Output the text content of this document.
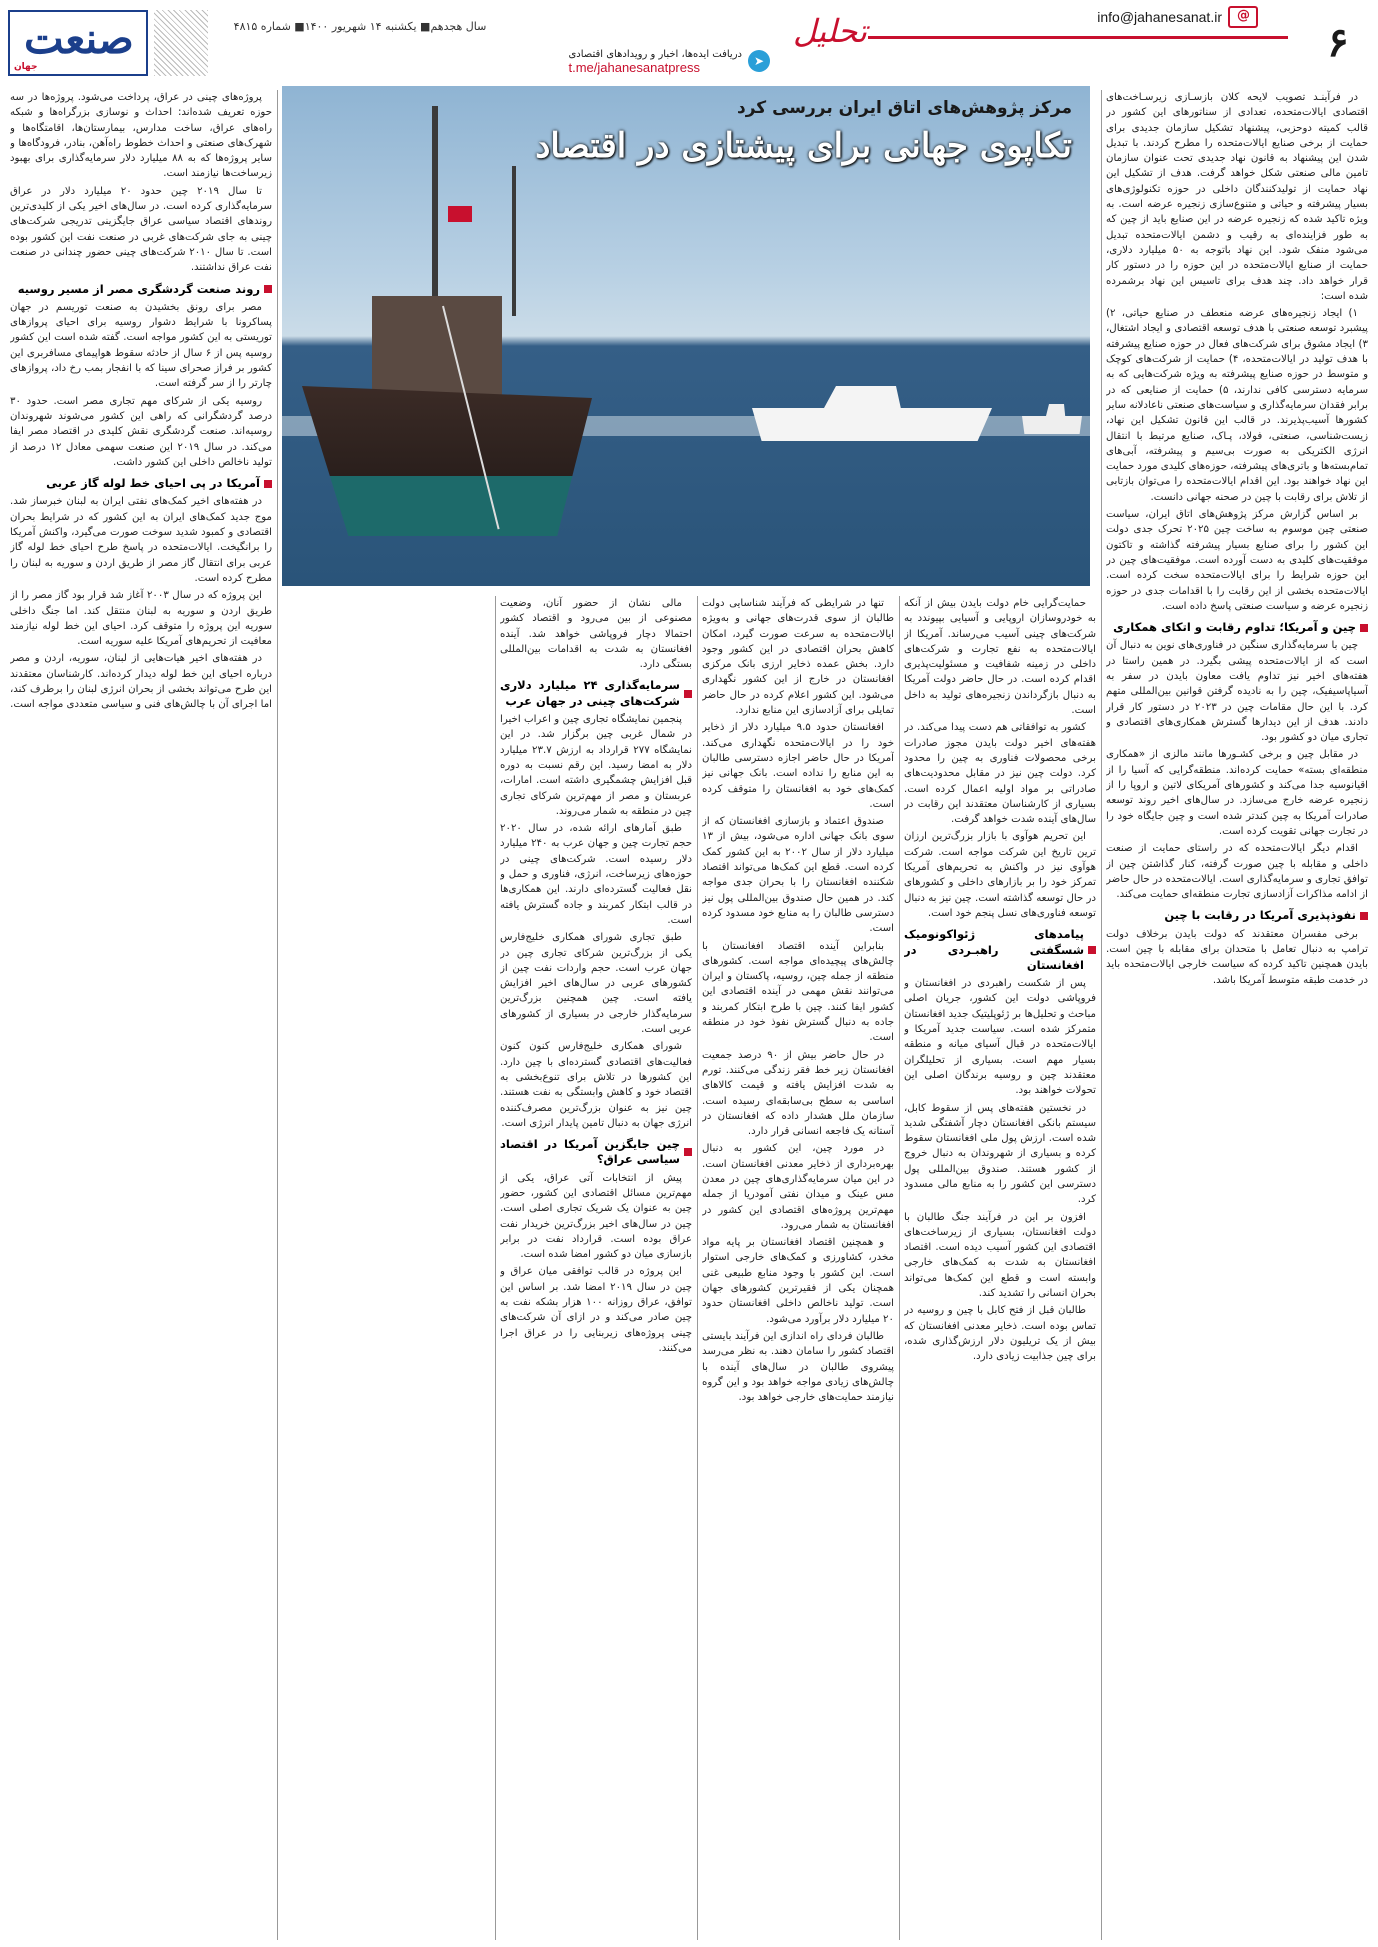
۶
info@jahanesanat.ir
@
تحلیل
➤
دریافت ایده‌ها، اخبار و رویدادهای اقتصادی
t.me/jahanesanatpress
سال هجدهم■ یکشنبه ۱۴ شهریور ۱۴۰۰■ شماره ۴۸۱۵
صنعت
جهان

در فرآینـد تصویب لایحه کلان بازسـازی زیرسـاخت‌های اقتصادی ایالات‌متحده، تعدادی از سناتورهای این کشور در قالب کمیته دوحزبی، پیشنهاد تشکیل سازمان جدیدی برای حمایت از برخی صنایع ایالات‌متحده را مطرح کردند. با تبدیل شدن این پیشنهاد به قانون نهاد جدیدی تحت عنوان سازمان تامین مالی صنعتی شکل خواهد گرفت. هدف از تشکیل این نهاد حمایت از تولیدکنندگان داخلی در حوزه تکنولوژی‌های بسیار پیشرفته و حیاتی و متنوع‌سازی زنجیره عرضه است. به ویژه تاکید شده که زنجیره عرضه در این صنایع باید از چین که به طور فزاینده‌ای به رقیب و دشمن ایالات‌متحده تبدیل می‌شود منفک شود. این نهاد باتوجه به ۵۰ میلیارد دلاری، حمایت از صنایع ایالات‌متحده در این حوزه را در دستور کار قرار خواهد داد. چند هدف برای تاسیس این نهاد برشمرده شده است:

۱) ایجاد زنجیره‌های عرضه منعطف در صنایع حیاتی، ۲) پیشبرد توسعه صنعتی با هدف توسعه اقتصادی و ایجاد اشتغال، ۳) ایجاد مشوق برای شرکت‌های فعال در حوزه صنایع پیشرفته با هدف تولید در ایالات‌متحده، ۴) حمایت از شرکت‌های کوچک و متوسط در حوزه صنایع پیشرفته به ویژه شرکت‌هایی که به سرمایه دسترسی کافی ندارند، ۵) حمایت از صنایعی که در برابر فقدان سرمایه‌گذاری و سیاست‌های صنعتی ناعادلانه سایر کشورها آسیب‌پذیرند. در قالب این قانون تشکیل این نهاد، زیست‌شناسی، صنعتی، فولاد، پـاک، صنایع مرتبط با انتقال انرژی الکتریکی به صورت بی‌سیم و پیشرفته، آبی‌های تمام‌بسته‌ها و باتری‌های پیشرفته، حوزه‌های کلیدی مورد حمایت این نهاد خواهند بود. این اقدام ایالات‌متحده را می‌توان بازتابی از تلاش برای رقابت با چین در صحنه جهانی دانست.

بر اساس گزارش مرکز پژوهش‌های اتاق ایران، سیاست صنعتی چین موسوم به ساخت چین ۲۰۲۵ تحرک جدی دولت این کشور را برای صنایع بسیار پیشرفته گذاشته و تاکتون موفقیت‌های کلیدی به دست آورده است. موفقیت‌های چین در این حوزه شرایط را برای ایالات‌متحده سخت کرده است. ایالات‌متحده بخشی از این رقابت را با اقدامات جدی در حوزه زنجیره عرضه و سیاست صنعتی پاسخ داده است.

چین و آمریکا؛ تداوم رقابت و اتکای همکاری

چین با سرمایه‌گذاری سنگین در فناوری‌های نوین به دنبال آن است که از ایالات‌متحده پیشی بگیرد. در همین راستا در هفته‌های اخیر نیز تداوم یافت معاون بایدن در سفر به آسیا‌پاسیفیک، چین را به نادیده گرفتن قوانین بین‌المللی متهم کرد. با این حال مقامات چین در ۲۰۲۳ در دستور کار قرار دادند. هدف از این دیدارها گسترش همکاری‌های اقتصادی و تجاری میان دو کشور بود.

در مقابل چین و برخی کشـورها مانند مالزی از «همکاری منطقه‌ای بسته» حمایت کرده‌اند. منطقه‌گرایی که آسیا را از اقیانوسیه جدا می‌کند و کشورهای آمریکای لاتین و اروپا را از زنجیره عرضه خارج می‌سازد. در سال‌های اخیر روند توسعه صادرات آمریکا به چین کندتر شده است و چین جایگاه خود را در تجارت جهانی تقویت کرده است.

اقدام دیگر ایالات‌متحده که در راستای حمایت از صنعت داخلی و مقابله با چین صورت گرفته، کنار گذاشتن چین از توافق تجاری و سرمایه‌گذاری است. ایالات‌متحده در حال حاضر از ادامه مذاکرات آزادسازی تجارت منطقه‌ای حمایت می‌کند.

نفوذپذیری آمریکا در رقابت با چین

برخی مفسران معتقدند که دولت بایدن برخلاف دولت ترامپ به دنبال تعامل با متحدان برای مقابله با چین است. بایدن همچنین تاکید کرده که سیاست خارجی ایالات‌متحده باید در خدمت طبقه متوسط آمریکا باشد.

مرکز پژوهش‌های اتاق ایران بررسی کرد
تکاپوی جهانی برای پیشتازی در اقتصاد

حمایت‌گرایی خام دولت بایدن بیش از آنکه به خودروسازان اروپایی و آسیایی بپیوندد به شرکت‌های چینی آسیب می‌رساند. آمریکا از ایالات‌متحده به نفع تجارت و شرکت‌های داخلی در زمینه شفافیت و مسئولیت‌پذیری اقدام کرده است. در حال حاضر دولت آمریکا به دنبال بازگرداندن زنجیره‌های تولید به داخل است.

کشور به توافقاتی هم دست پیدا می‌کند. در هفته‌های اخیر دولت بایدن مجوز صادرات برخی محصولات فناوری به چین را محدود کرد. دولت چین نیز در مقابل محدودیت‌های صادراتی بر مواد اولیه اعمال کرده است. بسیاری از کارشناسان معتقدند این رقابت در سال‌های آینده شدت خواهد گرفت.

این تحریم هوآوی با بازار بزرگ‌ترین ارزان ترین تاریخ این شرکت مواجه است. شرکت هوآوی نیز در واکنش به تحریم‌های آمریکا تمرکز خود را بر بازارهای داخلی و کشورهای در حال توسعه گذاشته است. چین نیز به دنبال توسعه فناوری‌های نسل پنجم خود است.

پیامدهای ژئواکونومیک شسگفتی راهبـردی در افغانستان

پس از شکست راهبردی در افغانستان و فروپاشی دولت این کشور، جریان اصلی مباحث و تحلیل‌ها بر ژئوپلیتیک جدید افغانستان متمرکز شده است. سیاست جدید آمریکا و ایالات‌متحده در قبال آسیای میانه و منطقه بسیار مهم است. بسیاری از تحلیلگران معتقدند چین و روسیه برندگان اصلی این تحولات خواهند بود.

در نخستین هفته‌های پس از سقوط کابل، سیستم بانکی افغانستان دچار آشفتگی شدید شده است. ارزش پول ملی افغانستان سقوط کرده و بسیاری از شهروندان به دنبال خروج از کشور هستند. صندوق بین‌المللی پول دسترسی این کشور را به منابع مالی مسدود کرد.

افزون بر این در فرآیند جنگ طالبان با دولت افغانستان، بسیاری از زیرساخت‌های اقتصادی این کشور آسیب دیده است. اقتصاد افغانستان به شدت به کمک‌های خارجی وابسته است و قطع این کمک‌ها می‌تواند بحران انسانی را تشدید کند.

طالبان قبل از فتح کابل با چین و روسیه در تماس بوده است. ذخایر معدنی افغانستان که بیش از یک تریلیون دلار ارزش‌گذاری شده، برای چین جذابیت زیادی دارد.

تنها در شرایطی که فرآیند شناسایی دولت طالبان از سوی قدرت‌های جهانی و به‌ویژه ایالات‌متحده به سرعت صورت گیرد، امکان کاهش بحران اقتصادی در این کشور وجود دارد. بخش عمده ذخایر ارزی بانک مرکزی افغانستان در خارج از این کشور نگهداری می‌شود. این کشور اعلام کرده در حال حاضر تمایلی برای آزادسازی این منابع ندارد.

افغانستان حدود ۹.۵ میلیارد دلار از ذخایر خود را در ایالات‌متحده نگهداری می‌کند. آمریکا در حال حاضر اجازه دسترسی طالبان به این منابع را نداده است. بانک جهانی نیز کمک‌های خود به افغانستان را متوقف کرده است.

صندوق اعتماد و بازسازی افغانستان که از سوی بانک جهانی اداره می‌شود، بیش از ۱۳ میلیارد دلار از سال ۲۰۰۲ به این کشور کمک کرده است. قطع این کمک‌ها می‌تواند اقتصاد شکننده افغانستان را با بحران جدی مواجه کند. در همین حال صندوق بین‌المللی پول نیز دسترسی طالبان را به منابع خود مسدود کرده است.

بنابراین آینده اقتصاد افغانستان با چالش‌های پیچیده‌ای مواجه است. کشورهای منطقه از جمله چین، روسیه، پاکستان و ایران می‌توانند نقش مهمی در آینده اقتصادی این کشور ایفا کنند. چین با طرح ابتکار کمربند و جاده به دنبال گسترش نفوذ خود در منطقه است.

در حال حاضر بیش از ۹۰ درصد جمعیت افغانستان زیر خط فقر زندگی می‌کنند. تورم به شدت افزایش یافته و قیمت کالاهای اساسی به سطح بی‌سابقه‌ای رسیده است. سازمان ملل هشدار داده که افغانستان در آستانه یک فاجعه انسانی قرار دارد.

در مورد چین، این کشور به دنبال بهره‌برداری از ذخایر معدنی افغانستان است. در این میان سرمایه‌گذاری‌های چین در معدن مس عینک و میدان نفتی آمودریا از جمله مهم‌ترین پروژه‌های اقتصادی این کشور در افغانستان به شمار می‌رود.

و همچنین اقتصاد افغانستان بر پایه مواد مخدر، کشاورزی و کمک‌های خارجی استوار است. این کشور با وجود منابع طبیعی غنی همچنان یکی از فقیرترین کشورهای جهان است. تولید ناخالص داخلی افغانستان حدود ۲۰ میلیارد دلار برآورد می‌شود.

طالبان فردای راه اندازی این فرآیند بایستی اقتصاد کشور را سامان دهند. به نظر می‌رسد پیشروی طالبان در سال‌های آینده با چالش‌های زیادی مواجه خواهد بود و این گروه نیازمند حمایت‌های خارجی خواهد بود.

مالی نشان از حضور آنان، وضعیت مصنوعی از بین می‌رود و اقتصاد کشور احتمالا دچار فروپاشی خواهد شد. آینده افغانستان به شدت به اقدامات بین‌المللی بستگی دارد.

سرمایه‌گذاری ۲۴ میلیارد دلاری شرکت‌های چینی در جهان عرب

پنجمین نمایشگاه تجاری چین و اعراب اخیرا در شمال غربی چین برگزار شد. در این نمایشگاه ۲۷۷ قرارداد به ارزش ۲۳.۷ میلیارد دلار به امضا رسید. این رقم نسبت به دوره قبل افزایش چشمگیری داشته است. امارات، عربستان و مصر از مهم‌ترین شرکای تجاری چین در منطقه به شمار می‌روند.

طبق آمارهای ارائه شده، در سال ۲۰۲۰ حجم تجارت چین و جهان عرب به ۲۴۰ میلیارد دلار رسیده است. شرکت‌های چینی در حوزه‌های زیرساخت، انرژی، فناوری و حمل و نقل فعالیت گسترده‌ای دارند. این همکاری‌ها در قالب ابتکار کمربند و جاده گسترش یافته است.

طبق تجاری شورای همکاری خلیج‌فارس یکی از بزرگ‌ترین شرکای تجاری چین در جهان عرب است. حجم واردات نفت چین از کشورهای عربی در سال‌های اخیر افزایش یافته است. چین همچنین بزرگ‌ترین سرمایه‌گذار خارجی در بسیاری از کشورهای عربی است.

شورای همکاری خلیج‌فارس کنون کنون فعالیت‌های اقتصادی گسترده‌ای با چین دارد. این کشورها در تلاش برای تنوع‌بخشی به اقتصاد خود و کاهش وابستگی به نفت هستند. چین نیز به عنوان بزرگ‌ترین مصرف‌کننده انرژی جهان به دنبال تامین پایدار انرژی است.

چین جایگزین آمریکا در اقتصاد سیاسی عراق؟

پیش از انتخابات آتی عراق، یکی از مهم‌ترین مسائل اقتصادی این کشور، حضور چین به عنوان یک شریک تجاری اصلی است. چین در سال‌های اخیر بزرگ‌ترین خریدار نفت عراق بوده است. قرارداد نفت در برابر بازسازی میان دو کشور امضا شده است.

این پروژه در قالب توافقی میان عراق و چین در سال ۲۰۱۹ امضا شد. بر اساس این توافق، عراق روزانه ۱۰۰ هزار بشکه نفت به چین صادر می‌کند و در ازای آن شرکت‌های چینی پروژه‌های زیربنایی را در عراق اجرا می‌کنند.

پروژه‌های چینی در عراق، پرداخت می‌شود. پروژه‌ها در سه حوزه تعریف شده‌اند: احداث و نوسازی بزرگراه‌ها و شبکه راه‌های عراق، ساخت مدارس، بیمارستان‌ها، اقامتگاه‌ها و شهرک‌های صنعتی و احداث خطوط راه‌آهن، بنادر، فرودگاه‌ها و سایر پروژه‌ها که به ۸۸ میلیارد دلار سرمایه‌گذاری برای بهبود زیرساخت‌ها نیازمند است.

تا سال ۲۰۱۹ چین حدود ۲۰ میلیارد دلار در عراق سرمایه‌گذاری کرده است. در سال‌های اخیر یکی از کلیدی‌ترین روندهای اقتصاد سیاسی عراق جایگزینی تدریجی شرکت‌های چینی به جای شرکت‌های غربی در صنعت نفت این کشور بوده است. تا سال ۲۰۱۰ شرکت‌های چینی حضور چندانی در صنعت نفت عراق نداشتند.

روند صنعت گردشگری مصر از مسیر روسیه

مصر برای رونق بخشیدن به صنعت توریسم در جهان پساکرونا با شرایط دشوار روسیه برای احیای پروازهای توریستی به این کشور مواجه است. گفته شده است این کشور روسیه پس از ۶ سال از حادثه سقوط هواپیمای مسافربری این کشور بر فراز صحرای سینا که با انفجار بمب رخ داد، پروازهای چارتر را از سر گرفته است.

روسیه یکی از شرکای مهم تجاری مصر است. حدود ۳۰ درصد گردشگرانی که راهی این کشور می‌شوند شهروندان روسیه‌اند. صنعت گردشگری نقش کلیدی در اقتصاد مصر ایفا می‌کند. در سال ۲۰۱۹ این صنعت سهمی معادل ۱۲ درصد از تولید ناخالص داخلی این کشور داشت.

آمریکا در پی احیای خط لوله گاز عربی

در هفته‌های اخیر کمک‌های نفتی ایران به لبنان خبرساز شد. موج جدید کمک‌های ایران به این کشور که در شرایط بحران اقتصادی و کمبود شدید سوخت صورت می‌گیرد، واکنش آمریکا را برانگیخت. ایالات‌متحده در پاسخ طرح احیای خط لوله گاز عربی برای انتقال گاز مصر از طریق اردن و سوریه به لبنان را مطرح کرده است.

این پروژه که در سال ۲۰۰۳ آغاز شد قرار بود گاز مصر را از طریق اردن و سوریه به لبنان منتقل کند. اما جنگ داخلی سوریه این پروژه را متوقف کرد. احیای این خط لوله نیازمند معافیت از تحریم‌های آمریکا علیه سوریه است.

در هفته‌های اخیر هیات‌هایی از لبنان، سوریه، اردن و مصر درباره احیای این خط لوله دیدار کرده‌اند. کارشناسان معتقدند این طرح می‌تواند بخشی از بحران انرژی لبنان را برطرف کند، اما اجرای آن با چالش‌های فنی و سیاسی متعددی مواجه است.
